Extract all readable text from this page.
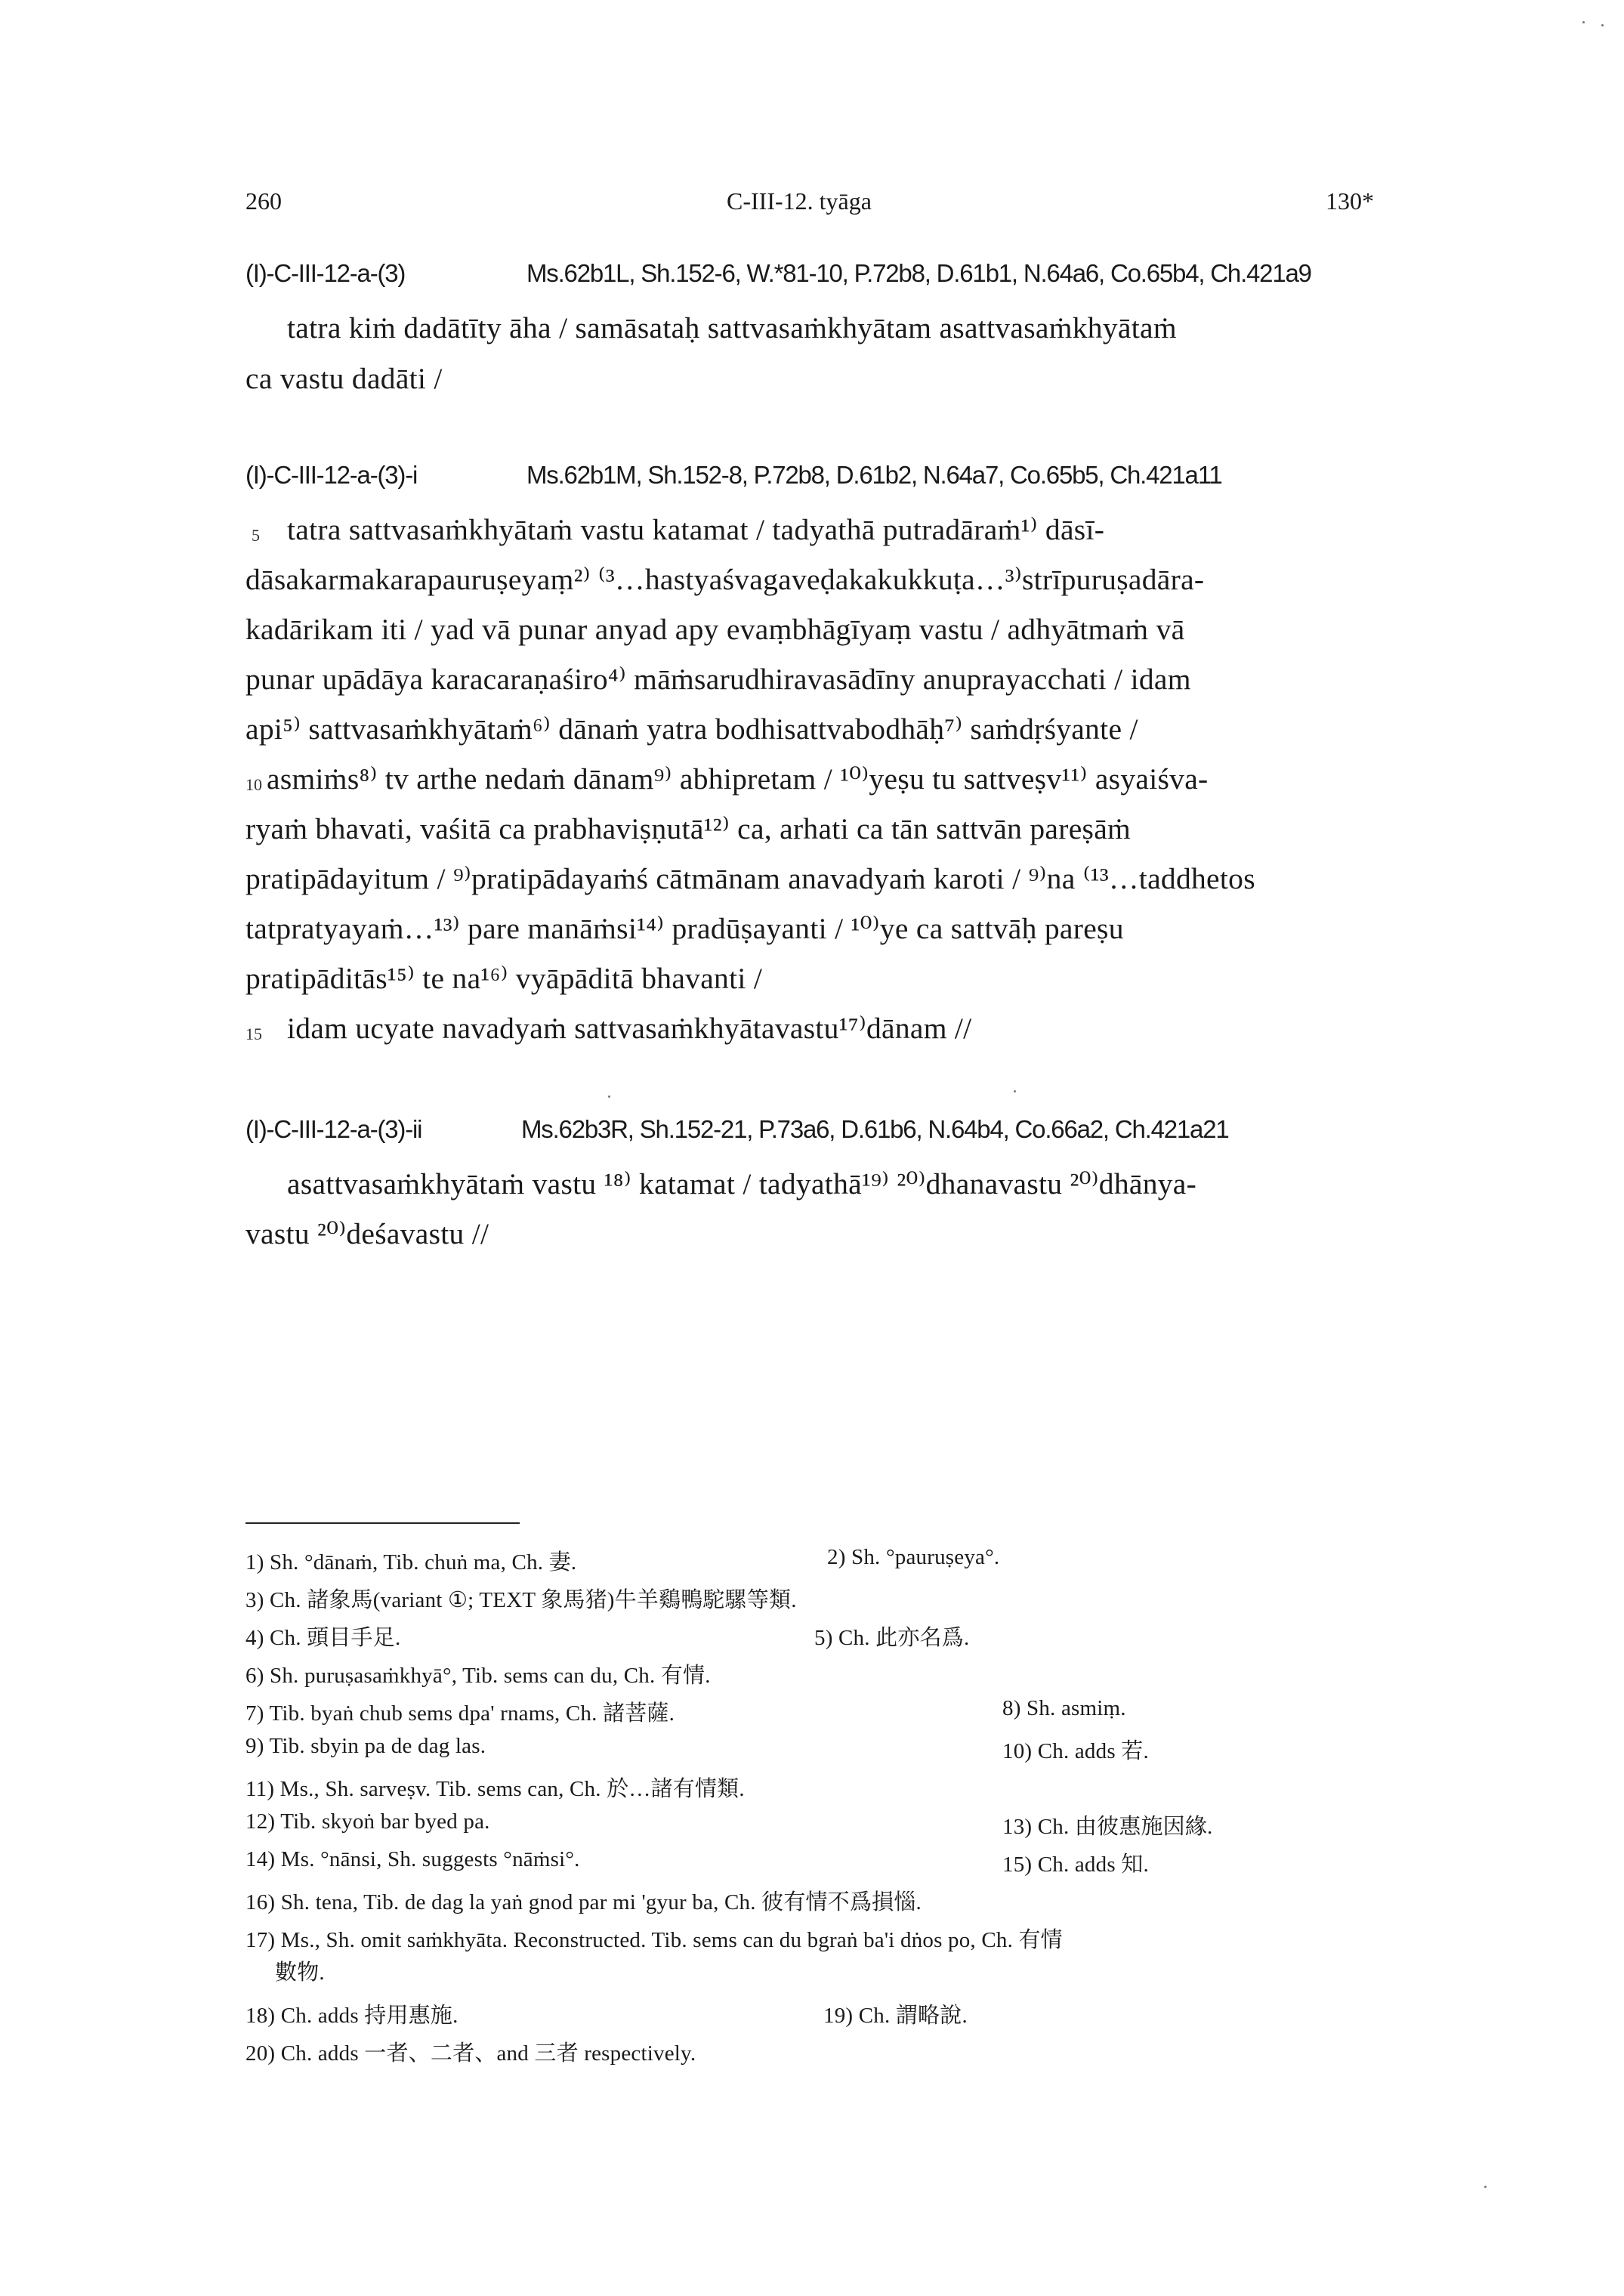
260	C-III-12. tyāga	130*
(I)-C-III-12-a-(3)	Ms.62b1L, Sh.152-6, W.*81-10, P.72b8, D.61b1, N.64a6, Co.65b4, Ch.421a9
tatra kiṁ dadātīty āha / samāsataḥ sattvasaṁkhyātam asattvasaṁkhyātaṁ
ca vastu dadāti /
(I)-C-III-12-a-(3)-i	Ms.62b1M, Sh.152-8, P.72b8, D.61b2, N.64a7, Co.65b5, Ch.421a11
5 tatra sattvasaṁkhyātaṁ vastu katamat / tadyathā putradāraṁ¹⁾ dāsī-
dāsakarmakarapauruṣeyaṃ²⁾ ⁽³…hastyaśvagaveḍakakukkuṭa…³⁾strīpuruṣadāra-
kadārikam iti / yad vā punar anyad apy evaṃbhāgīyaṃ vastu / adhyātmaṁ vā
punar upādāya karacaraṇaśiro⁴⁾ māṁsarudhiravasādīny anuprayacchati / idam
api⁵⁾ sattvasaṁkhyātaṁ⁶⁾ dānaṁ yatra bodhisattvabodhāḥ⁷⁾ saṁdṛśyante /
10 asmiṁs⁸⁾ tv arthe nedaṁ dānam⁹⁾ abhipretam / ¹⁰⁾yeṣu tu sattveṣv¹¹⁾ asyaiśva-
ryaṁ bhavati, vaśitā ca prabhaviṣṇutā¹²⁾ ca, arhati ca tān sattvān pareṣāṁ
pratipādayitum / ⁹⁾pratipādayaṁś cātmānam anavadyaṁ karoti / ⁹⁾na ⁽¹³…taddhetos
tatpratyayaṁ…¹³⁾ pare manāṁsi¹⁴⁾ pradūṣayanti / ¹⁰⁾ye ca sattvāḥ pareṣu
pratipāditās¹⁵⁾ te na¹⁶⁾ vyāpāditā bhavanti /
15 idam ucyate navadyaṁ sattvasaṁkhyātavastu¹⁷⁾dānam //
(I)-C-III-12-a-(3)-ii	Ms.62b3R, Sh.152-21, P.73a6, D.61b6, N.64b4, Co.66a2, Ch.421a21
asattvasaṁkhyātaṁ vastu ¹⁸⁾ katamat / tadyathā¹⁹⁾ ²⁰⁾dhanavastu ²⁰⁾dhānya-
vastu ²⁰⁾deśavastu //
1) Sh. °dānaṁ, Tib. chuṅ ma, Ch. 妻.	2) Sh. °pauruṣeya°.
3) Ch. 諸象馬(variant ①; TEXT 象馬猪)牛羊鷄鴨駝騾等類.
4) Ch. 頭目手足.	5) Ch. 此亦名爲.
6) Sh. puruṣasaṁkhyā°, Tib. sems can du, Ch. 有情.
7) Tib. byaṅ chub sems dpa' rnams, Ch. 諸菩薩.	8) Sh. asmiṃ.
9) Tib. sbyin pa de dag las.	10) Ch. adds 若.
11) Ms., Sh. sarveṣv. Tib. sems can, Ch. 於…諸有情類.
12) Tib. skyoṅ bar byed pa.	13) Ch. 由彼惠施因緣.
14) Ms. °nānsi, Sh. suggests °nāṁsi°.	15) Ch. adds 知.
16) Sh. tena, Tib. de dag la yaṅ gnod par mi 'gyur ba, Ch. 彼有情不爲損惱.
17) Ms., Sh. omit saṁkhyāta. Reconstructed. Tib. sems can du bgraṅ ba'i dṅos po, Ch. 有情
數物.
18) Ch. adds 持用惠施.	19) Ch. 謂略說.
20) Ch. adds 一者、二者、and 三者 respectively.
